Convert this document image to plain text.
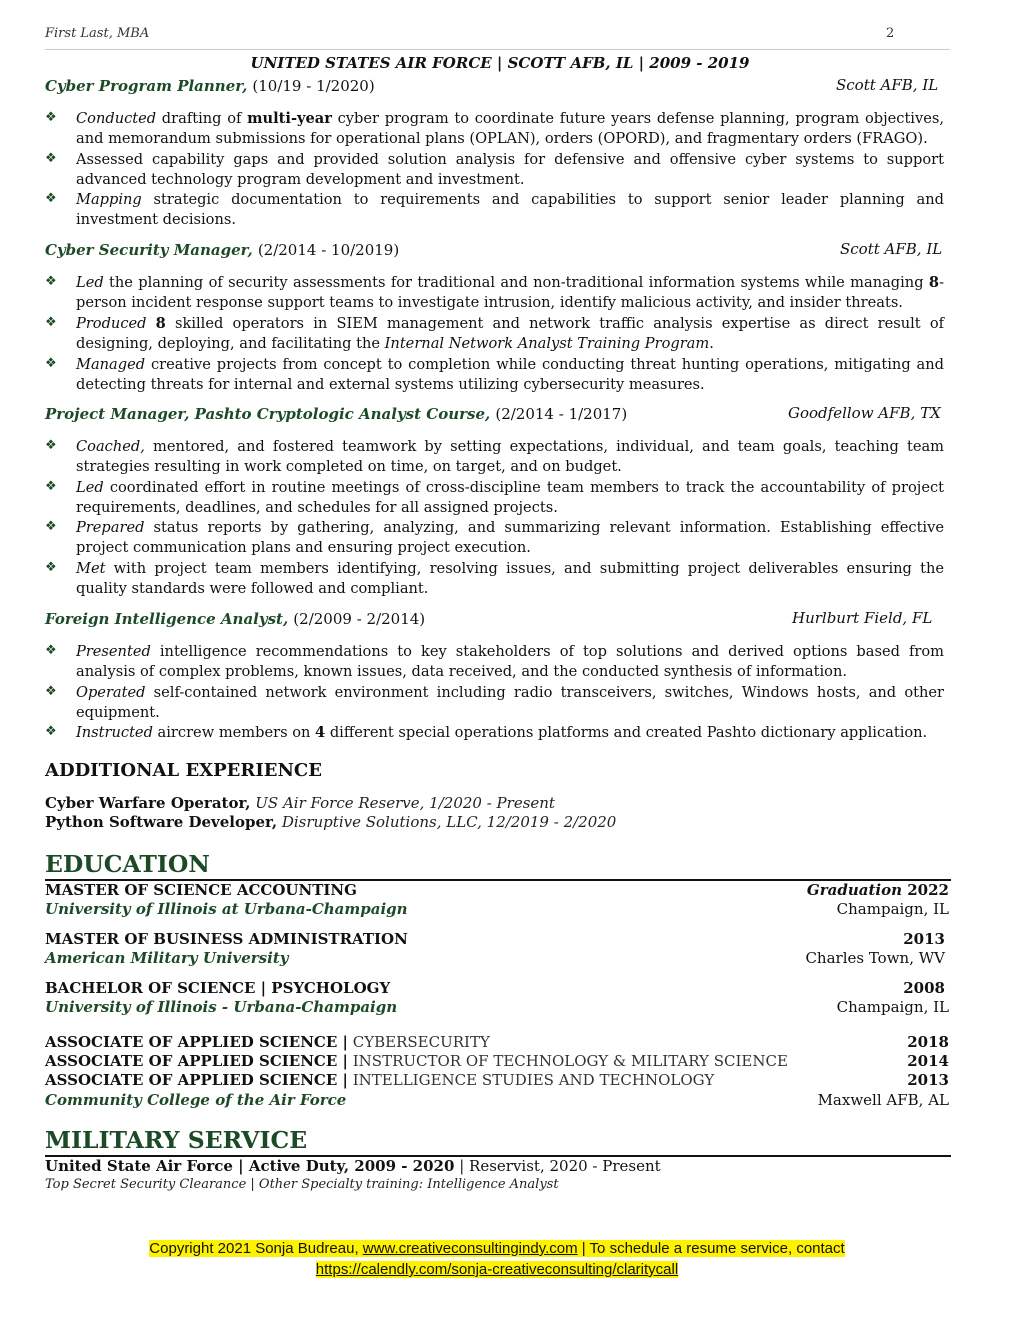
First Last, MBA	2
UNITED STATES AIR FORCE | SCOTT AFB, IL | 2009 - 2019
Cyber Program Planner, (10/19 - 1/2020)	Scott AFB, IL
❖ Conducted drafting of multi-year cyber program to coordinate future years defense planning, program objectives, and memorandum submissions for operational plans (OPLAN), orders (OPORD), and fragmentary orders (FRAGO).
❖ Assessed capability gaps and provided solution analysis for defensive and offensive cyber systems to support advanced technology program development and investment.
❖ Mapping strategic documentation to requirements and capabilities to support senior leader planning and investment decisions.
Cyber Security Manager, (2/2014 - 10/2019)	Scott AFB, IL
❖ Led the planning of security assessments for traditional and non-traditional information systems while managing 8-person incident response support teams to investigate intrusion, identify malicious activity, and insider threats.
❖ Produced 8 skilled operators in SIEM management and network traffic analysis expertise as direct result of designing, deploying, and facilitating the Internal Network Analyst Training Program.
❖ Managed creative projects from concept to completion while conducting threat hunting operations, mitigating and detecting threats for internal and external systems utilizing cybersecurity measures.
Project Manager, Pashto Cryptologic Analyst Course, (2/2014 - 1/2017)	Goodfellow AFB, TX
❖ Coached, mentored, and fostered teamwork by setting expectations, individual, and team goals, teaching team strategies resulting in work completed on time, on target, and on budget.
❖ Led coordinated effort in routine meetings of cross-discipline team members to track the accountability of project requirements, deadlines, and schedules for all assigned projects.
❖ Prepared status reports by gathering, analyzing, and summarizing relevant information. Establishing effective project communication plans and ensuring project execution.
❖ Met with project team members identifying, resolving issues, and submitting project deliverables ensuring the quality standards were followed and compliant.
Foreign Intelligence Analyst, (2/2009 - 2/2014)	Hurlburt Field, FL
❖ Presented intelligence recommendations to key stakeholders of top solutions and derived options based from analysis of complex problems, known issues, data received, and the conducted synthesis of information.
❖ Operated self-contained network environment including radio transceivers, switches, Windows hosts, and other equipment.
❖ Instructed aircrew members on 4 different special operations platforms and created Pashto dictionary application.
ADDITIONAL EXPERIENCE
Cyber Warfare Operator, US Air Force Reserve, 1/2020 - Present
Python Software Developer, Disruptive Solutions, LLC, 12/2019 - 2/2020
EDUCATION
MASTER OF SCIENCE ACCOUNTING	Graduation 2022
University of Illinois at Urbana-Champaign	Champaign, IL
MASTER OF BUSINESS ADMINISTRATION	2013
American Military University	Charles Town, WV
BACHELOR OF SCIENCE | PSYCHOLOGY	2008
University of Illinois - Urbana-Champaign	Champaign, IL
ASSOCIATE OF APPLIED SCIENCE | CYBERSECURITY	2018
ASSOCIATE OF APPLIED SCIENCE | INSTRUCTOR OF TECHNOLOGY & MILITARY SCIENCE	2014
ASSOCIATE OF APPLIED SCIENCE | INTELLIGENCE STUDIES AND TECHNOLOGY	2013
Community College of the Air Force	Maxwell AFB, AL
MILITARY SERVICE
United State Air Force | Active Duty, 2009 - 2020 | Reservist, 2020 - Present
Top Secret Security Clearance | Other Specialty training: Intelligence Analyst
Copyright 2021 Sonja Budreau, www.creativeconsultingindy.com | To schedule a resume service, contact
https://calendly.com/sonja-creativeconsulting/claritycall
